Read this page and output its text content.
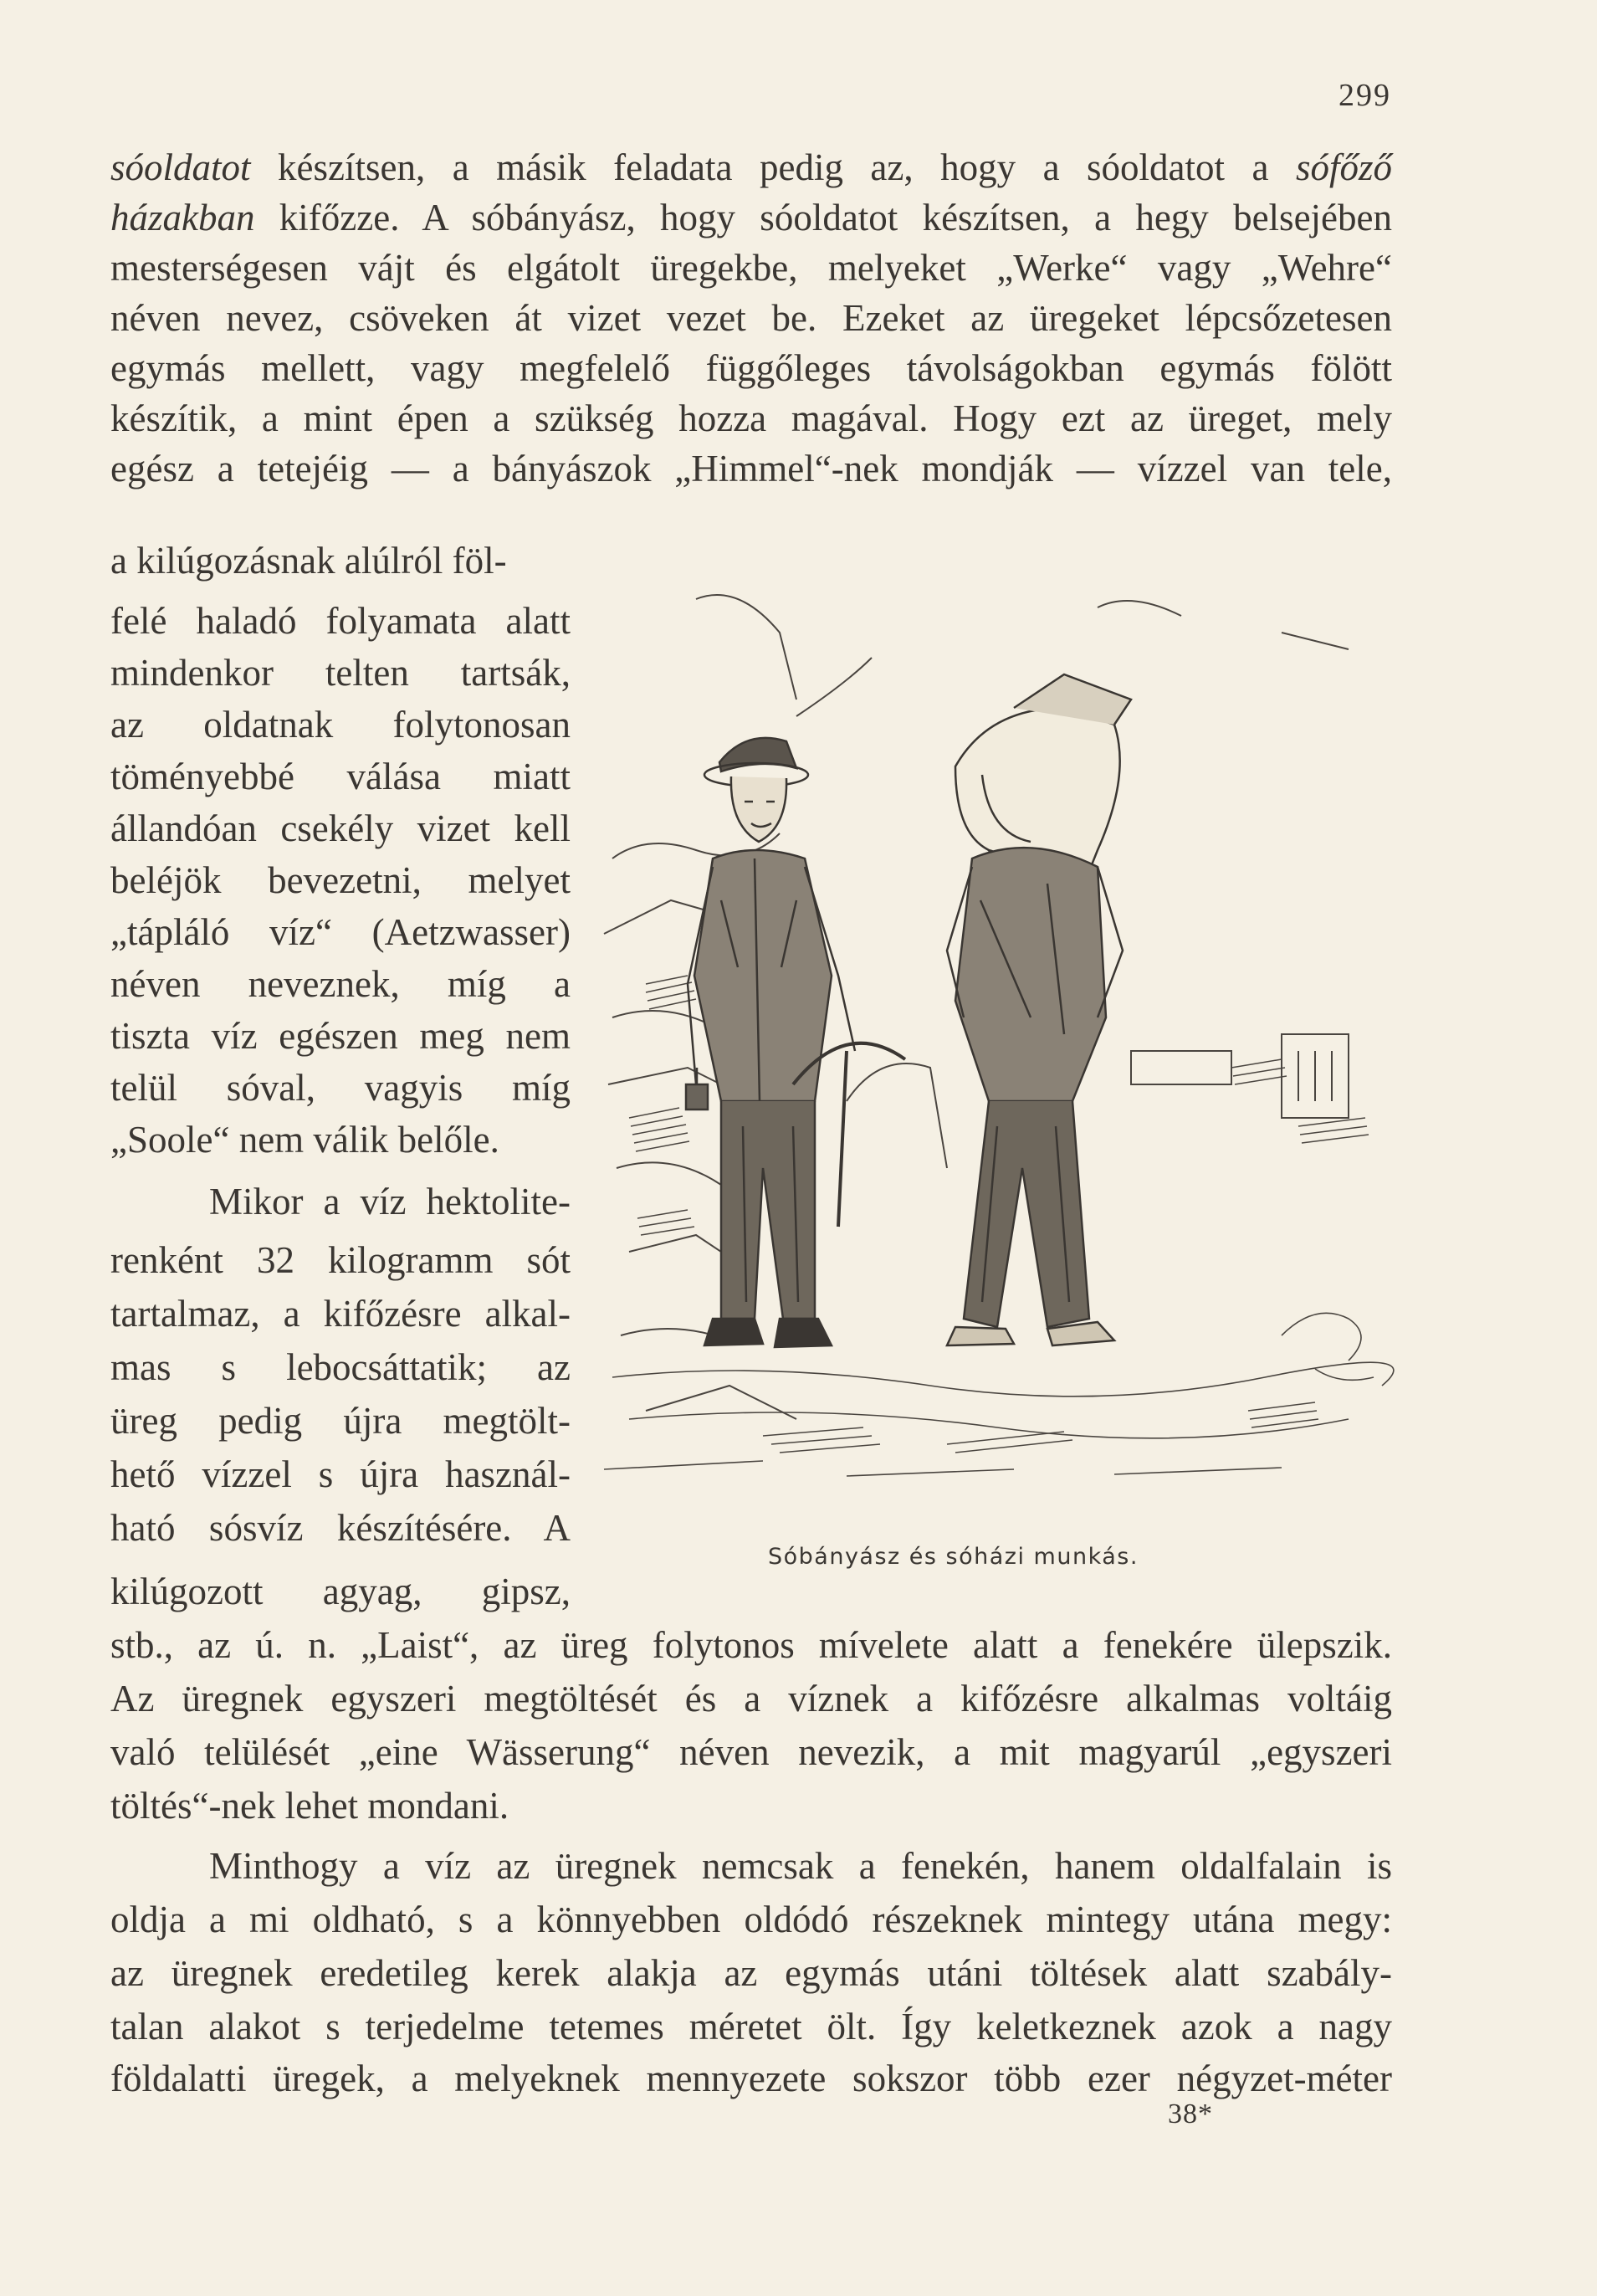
299
sóoldatot készítsen, a másik feladata pedig az, hogy a sóoldatot a sófőző
házakban kifőzze. A sóbányász, hogy sóoldatot készítsen, a hegy belsejében
mesterségesen vájt és elgátolt üregekbe, melyeket „Werke“ vagy „Wehre“
néven nevez, csöveken át vizet vezet be. Ezeket az üregeket lépcsőzetesen
egymás mellett, vagy megfelelő függőleges távolságokban egymás fölött
készítik, a mint épen a szükség hozza magával. Hogy ezt az üreget, mely
egész a tetejéig — a bányászok „Himmel“-nek mondják — vízzel van tele,
a kilúgozásnak alúlról föl-
felé haladó folyamata alatt
mindenkor telten tartsák,
az oldatnak folytonosan
töményebbé válása miatt
állandóan csekély vizet kell
beléjök bevezetni, melyet
„tápláló víz“ (Aetzwasser)
néven neveznek, míg a
tiszta víz egészen meg nem
telül sóval, vagyis míg
„Soole“ nem válik belőle.
Mikor a víz hektolite-
renként 32 kilogramm sót
tartalmaz, a kifőzésre alkal-
mas s lebocsáttatik; az
üreg pedig újra megtölt-
hető vízzel s újra használ-
ható sósvíz készítésére. A
kilúgozott agyag, gipsz,
stb., az ú. n. „Laist“, az üreg folytonos mívelete alatt a fenekére ülepszik.
Az üregnek egyszeri megtöltését és a víznek a kifőzésre alkalmas voltáig
való telülését „eine Wässerung“ néven nevezik, a mit magyarúl „egyszeri
töltés“-nek lehet mondani.
Minthogy a víz az üregnek nemcsak a fenekén, hanem oldalfalain is
oldja a mi oldható, s a könnyebben oldódó részeknek mintegy utána megy:
az üregnek eredetileg kerek alakja az egymás utáni töltések alatt szabály-
talan alakot s terjedelme tetemes méretet ölt. Így keletkeznek azok a nagy
földalatti üregek, a melyeknek mennyezete sokszor több ezer négyzet-méter
Sóbányász és sóházi munkás.
38*
